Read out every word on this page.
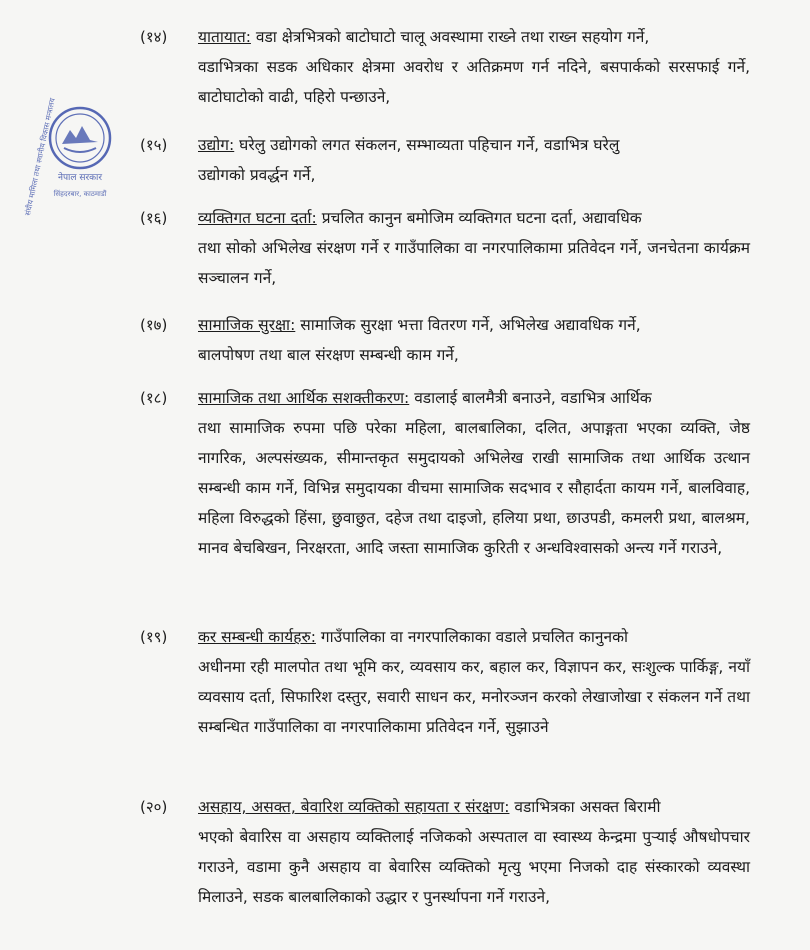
नेपाल सरकार
सिंहदरबार, काठमाडौं
संघीय मामिला तथा स्थानीय विकास मन्त्रालय
(१४) यातायात: वडा क्षेत्रभित्रको बाटोघाटो चालू अवस्थामा राख्ने तथा राख्न सहयोग गर्ने,
वडाभित्रका सडक अधिकार क्षेत्रमा अवरोध र अतिक्रमण गर्न नदिने, बसपार्कको सरसफाई गर्ने, बाटोघाटोको वाढी, पहिरो पन्छाउने,
(१५) उद्योग: घरेलु उद्योगको लगत संकलन, सम्भाव्यता पहिचान गर्ने, वडाभित्र घरेलु
उद्योगको प्रवर्द्धन गर्ने,
(१६) व्यक्तिगत घटना दर्ता: प्रचलित कानुन बमोजिम व्यक्तिगत घटना दर्ता, अद्यावधिक
तथा सोको अभिलेख संरक्षण गर्ने र गाउँपालिका वा नगरपालिकामा प्रतिवेदन गर्ने, जनचेतना कार्यक्रम सञ्चालन गर्ने,
(१७) सामाजिक सुरक्षा: सामाजिक सुरक्षा भत्ता वितरण गर्ने, अभिलेख अद्यावधिक गर्ने,
बालपोषण तथा बाल संरक्षण सम्बन्धी काम गर्ने,
(१८) सामाजिक तथा आर्थिक सशक्तीकरण: वडालाई बालमैत्री बनाउने, वडाभित्र आर्थिक
तथा सामाजिक रुपमा पछि परेका महिला, बालबालिका, दलित, अपाङ्गता भएका व्यक्ति, जेष्ठ नागरिक, अल्पसंख्यक, सीमान्तकृत समुदायको अभिलेख राखी सामाजिक तथा आर्थिक उत्थान सम्बन्धी काम गर्ने, विभिन्न समुदायका वीचमा सामाजिक सदभाव र सौहार्दता कायम गर्ने, बालविवाह, महिला विरुद्धको हिंसा, छुवाछुत, दहेज तथा दाइजो, हलिया प्रथा, छाउपडी, कमलरी प्रथा, बालश्रम, मानव बेचबिखन, निरक्षरता, आदि जस्ता सामाजिक कुरिती र अन्धविश्वासको अन्त्य गर्ने गराउने,
(१९) कर सम्बन्धी कार्यहरु: गाउँपालिका वा नगरपालिकाका वडाले प्रचलित कानुनको
अधीनमा रही मालपोत तथा भूमि कर, व्यवसाय कर, बहाल कर, विज्ञापन कर, सःशुल्क पार्किङ्ग, नयाँ व्यवसाय दर्ता, सिफारिश दस्तुर, सवारी साधन कर, मनोरञ्जन करको लेखाजोखा र संकलन गर्ने तथा सम्बन्धित गाउँपालिका वा नगरपालिकामा प्रतिवेदन गर्ने, सुझाउने
(२०) असहाय, असक्त, बेवारिश व्यक्तिको सहायता र संरक्षण: वडाभित्रका असक्त बिरामी
भएको बेवारिस वा असहाय व्यक्तिलाई नजिकको अस्पताल वा स्वास्थ्य केन्द्रमा पुऱ्याई औषधोपचार गराउने, वडामा कुनै असहाय वा बेवारिस व्यक्तिको मृत्यु भएमा निजको दाह संस्कारको व्यवस्था मिलाउने, सडक बालबालिकाको उद्धार र पुनर्स्थापना गर्ने गराउने,
